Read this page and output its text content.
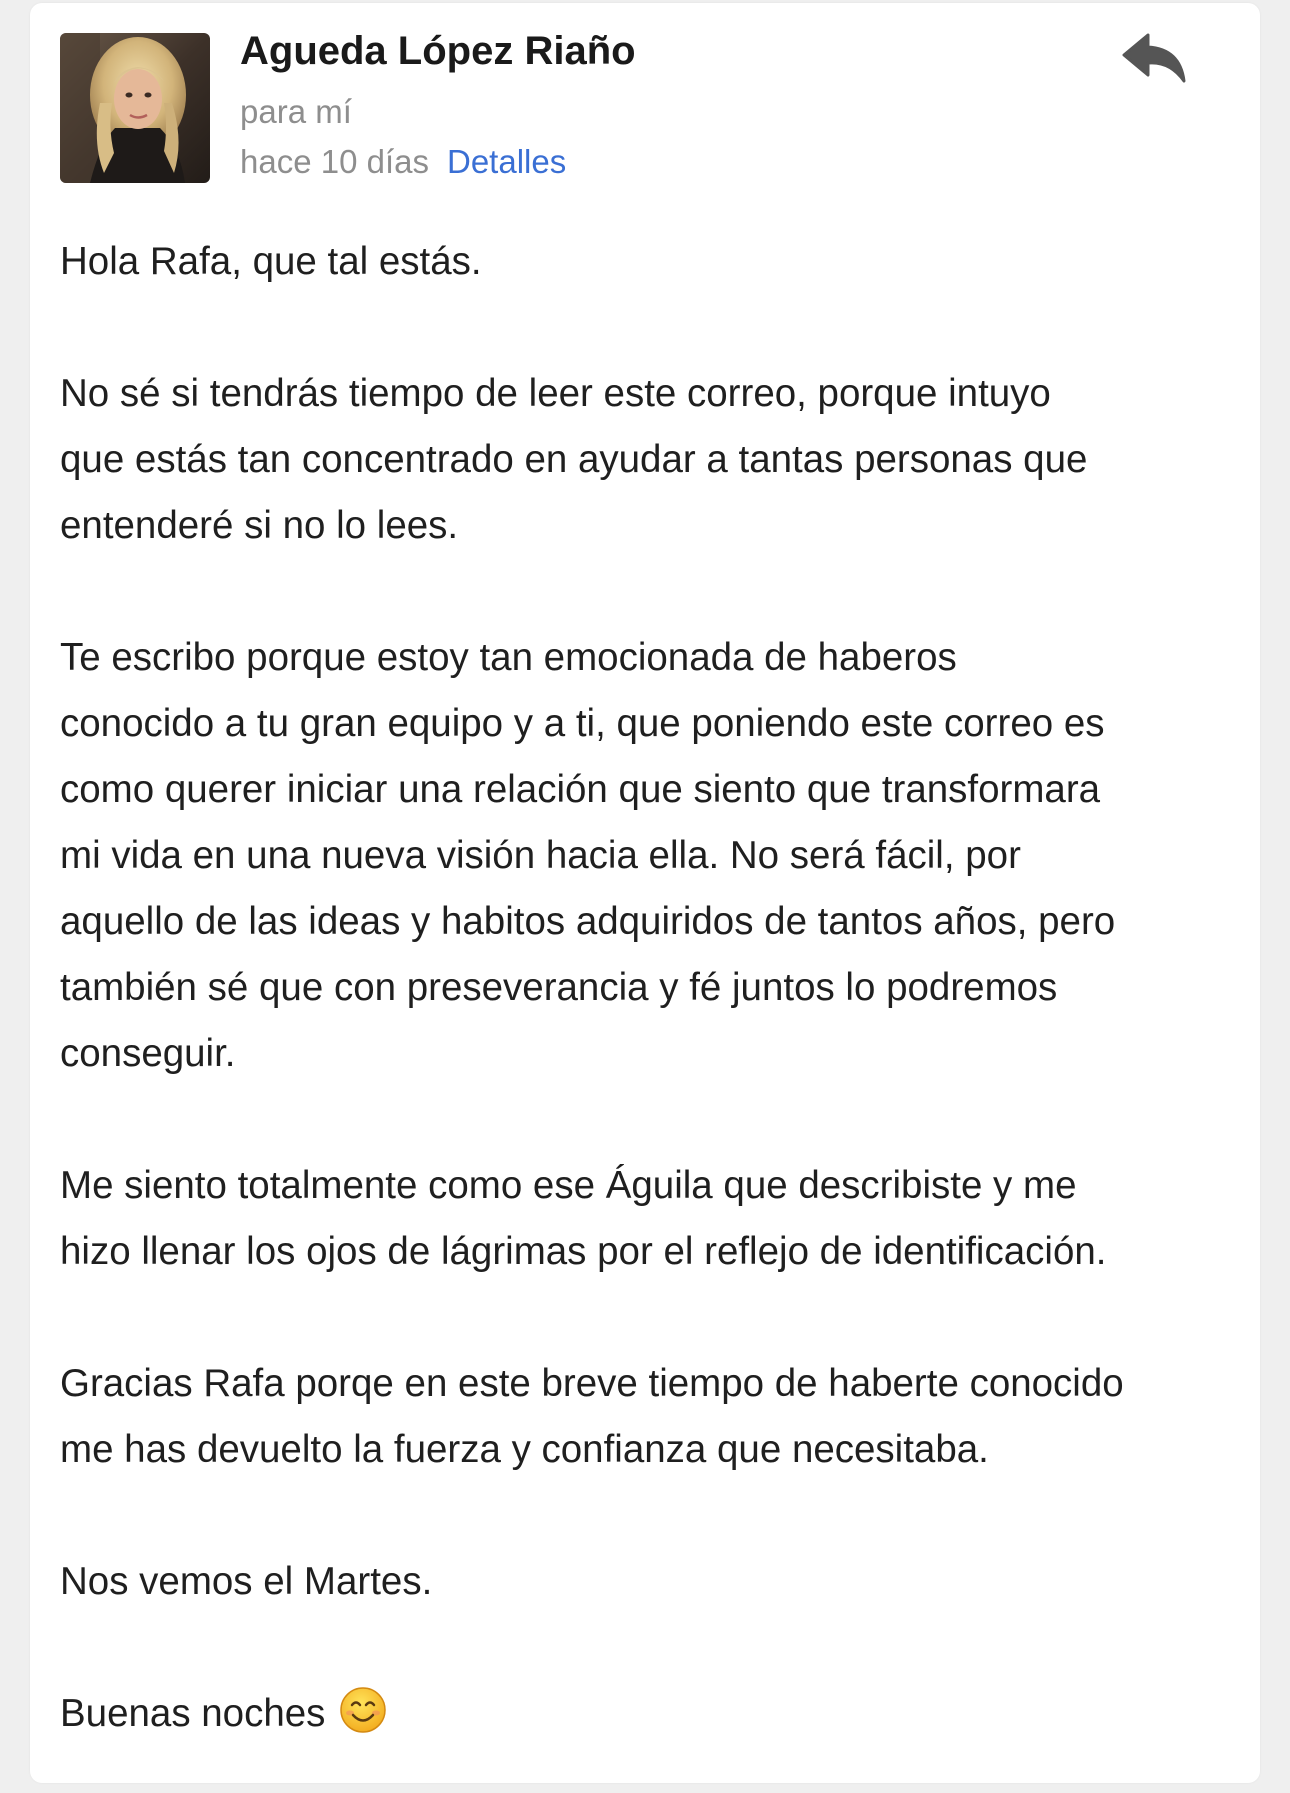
Agueda López Riaño
para mí
hace 10 días Detalles

Hola Rafa, que tal estás.

No sé si tendrás tiempo de leer este correo, porque intuyo
que estás tan concentrado en ayudar a tantas personas que
entenderé si no lo lees.

Te escribo porque estoy tan emocionada de haberos
conocido a tu gran equipo y a ti, que poniendo este correo es
como querer iniciar una relación que siento que transformara
mi vida en una nueva visión hacia ella. No será fácil, por
aquello de las ideas y habitos adquiridos de tantos años, pero
también sé que con preseverancia y fé juntos lo podremos
conseguir.

Me siento totalmente como ese Águila que describiste y me
hizo llenar los ojos de lágrimas por el reflejo de identificación.

Gracias Rafa porqe en este breve tiempo de haberte conocido
me has devuelto la fuerza y confianza que necesitaba.

Nos vemos el Martes.

Buenas noches
